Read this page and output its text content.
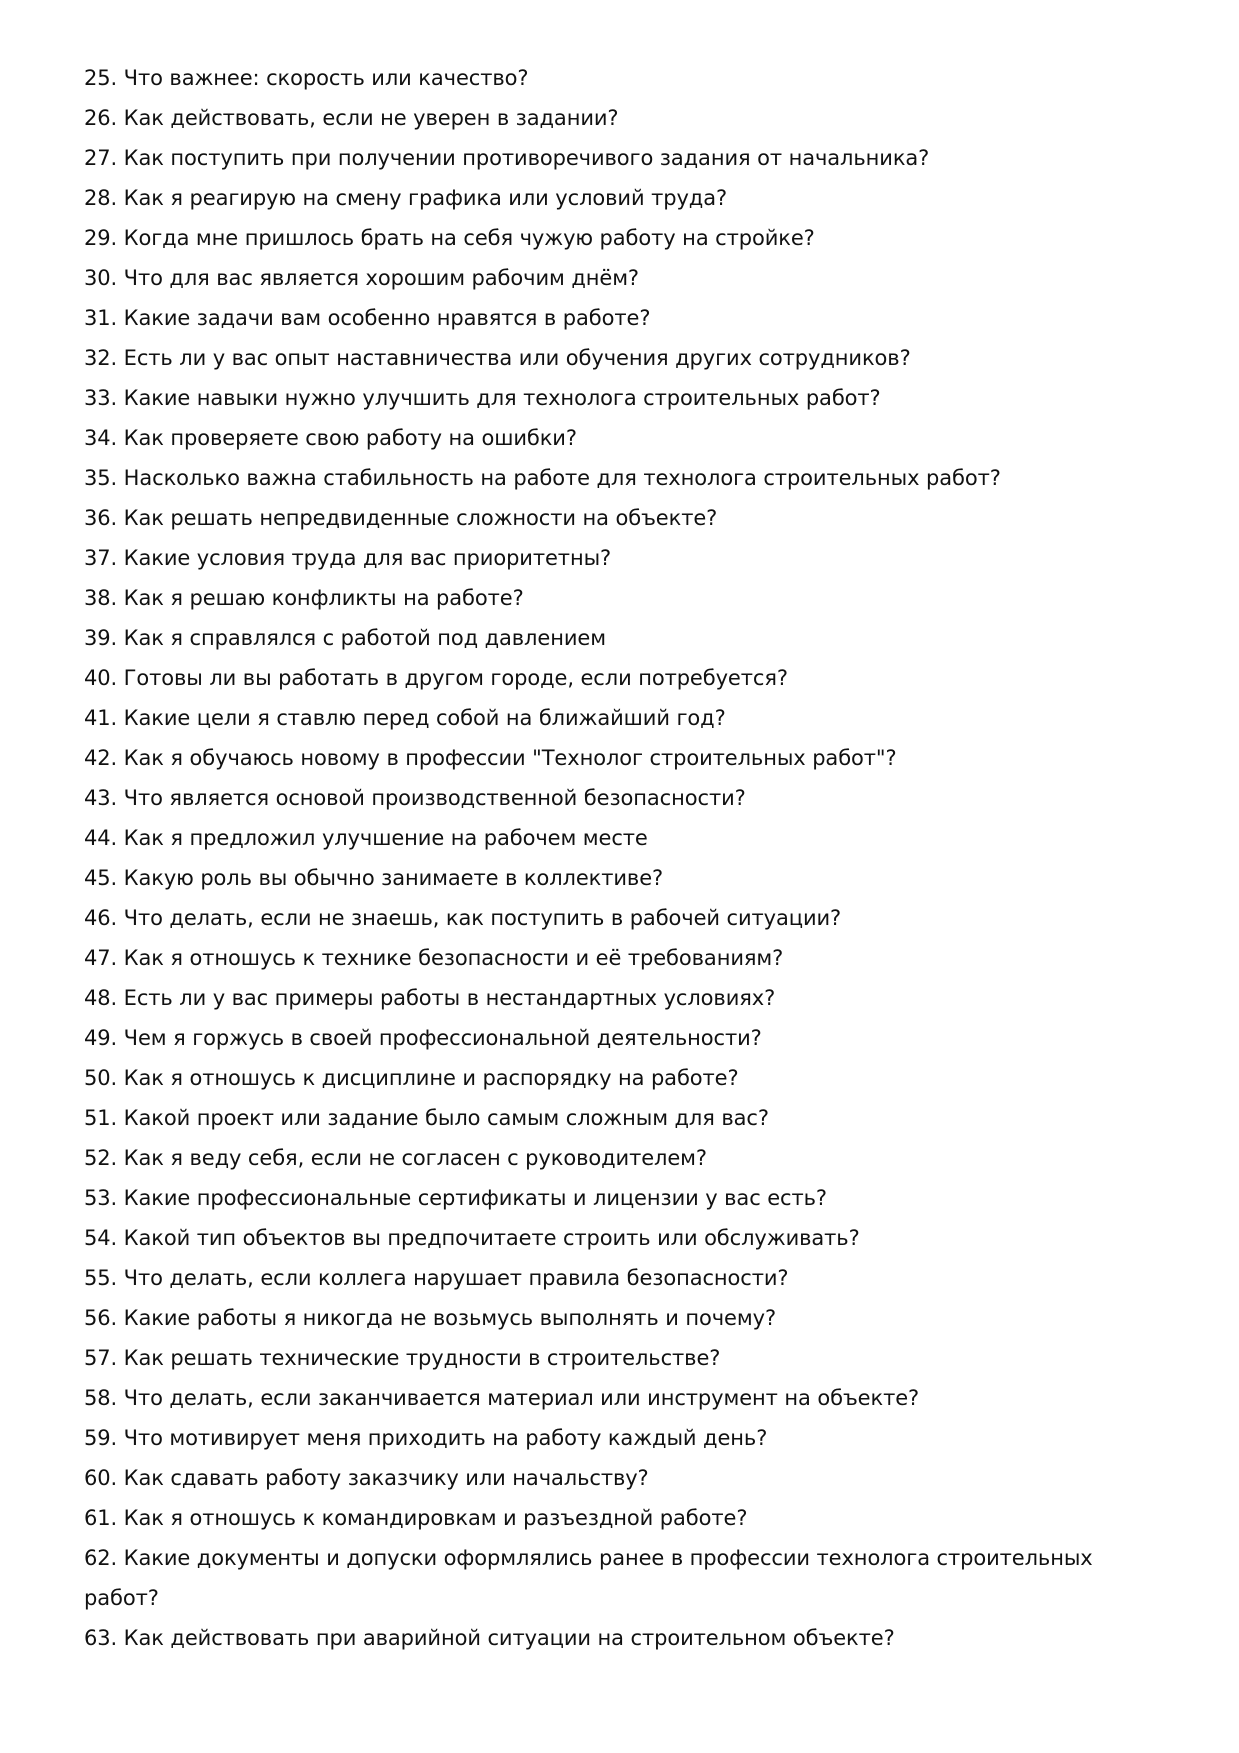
25. Что важнее: скорость или качество?
26. Как действовать, если не уверен в задании?
27. Как поступить при получении противоречивого задания от начальника?
28. Как я реагирую на смену графика или условий труда?
29. Когда мне пришлось брать на себя чужую работу на стройке?
30. Что для вас является хорошим рабочим днём?
31. Какие задачи вам особенно нравятся в работе?
32. Есть ли у вас опыт наставничества или обучения других сотрудников?
33. Какие навыки нужно улучшить для технолога строительных работ?
34. Как проверяете свою работу на ошибки?
35. Насколько важна стабильность на работе для технолога строительных работ?
36. Как решать непредвиденные сложности на объекте?
37. Какие условия труда для вас приоритетны?
38. Как я решаю конфликты на работе?
39. Как я справлялся с работой под давлением
40. Готовы ли вы работать в другом городе, если потребуется?
41. Какие цели я ставлю перед собой на ближайший год?
42. Как я обучаюсь новому в профессии "Технолог строительных работ"?
43. Что является основой производственной безопасности?
44. Как я предложил улучшение на рабочем месте
45. Какую роль вы обычно занимаете в коллективе?
46. Что делать, если не знаешь, как поступить в рабочей ситуации?
47. Как я отношусь к технике безопасности и её требованиям?
48. Есть ли у вас примеры работы в нестандартных условиях?
49. Чем я горжусь в своей профессиональной деятельности?
50. Как я отношусь к дисциплине и распорядку на работе?
51. Какой проект или задание было самым сложным для вас?
52. Как я веду себя, если не согласен с руководителем?
53. Какие профессиональные сертификаты и лицензии у вас есть?
54. Какой тип объектов вы предпочитаете строить или обслуживать?
55. Что делать, если коллега нарушает правила безопасности?
56. Какие работы я никогда не возьмусь выполнять и почему?
57. Как решать технические трудности в строительстве?
58. Что делать, если заканчивается материал или инструмент на объекте?
59. Что мотивирует меня приходить на работу каждый день?
60. Как сдавать работу заказчику или начальству?
61. Как я отношусь к командировкам и разъездной работе?
62. Какие документы и допуски оформлялись ранее в профессии технолога строительных работ?
63. Как действовать при аварийной ситуации на строительном объекте?
